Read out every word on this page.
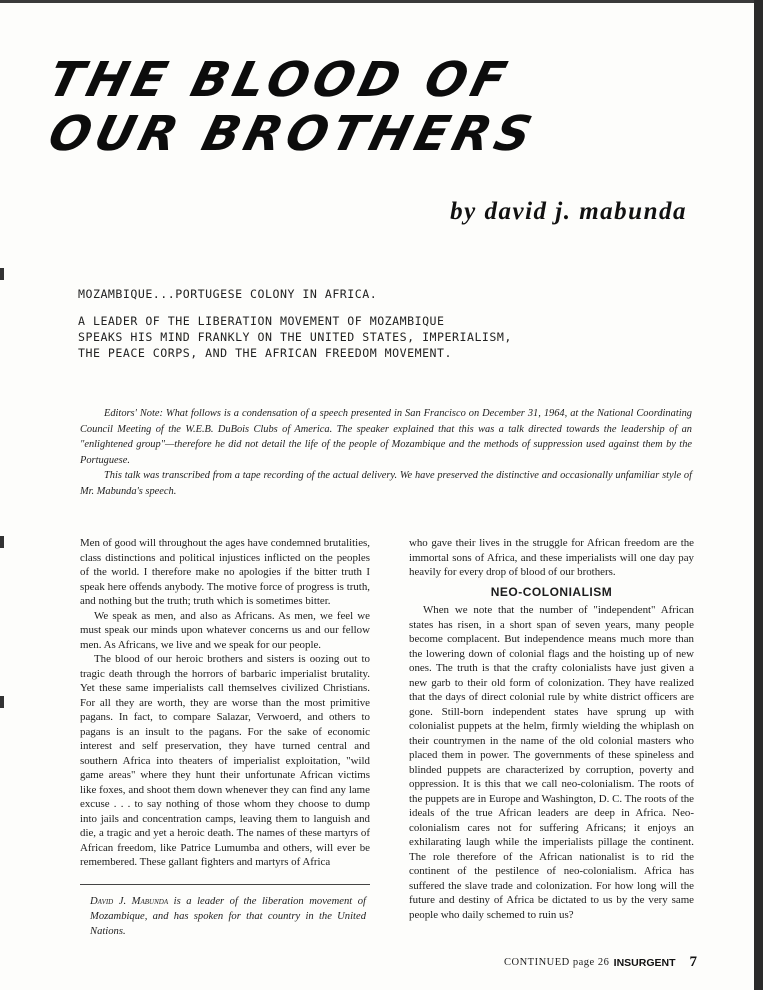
THE BLOOD OF
OUR BROTHERS
by david j. mabunda
MOZAMBIQUE...PORTUGESE COLONY IN AFRICA.
A LEADER OF THE LIBERATION MOVEMENT OF MOZAMBIQUE
SPEAKS HIS MIND FRANKLY ON THE UNITED STATES, IMPERIALISM,
THE PEACE CORPS, AND THE AFRICAN FREEDOM MOVEMENT.

Editors' Note: What follows is a condensation of a speech presented in San Francisco on December 31, 1964, at the National Coordinating Council Meeting of the W.E.B. DuBois Clubs of America. The speaker explained that this was a talk directed towards the leadership of an "enlightened group"—therefore he did not detail the life of the people of Mozambique and the methods of suppression used against them by the Portuguese.

This talk was transcribed from a tape recording of the actual delivery. We have preserved the distinctive and occasionally unfamiliar style of Mr. Mabunda's speech.

Men of good will throughout the ages have condemned brutalities, class distinctions and political injustices inflicted on the peoples of the world. I therefore make no apologies if the bitter truth I speak here offends anybody. The motive force of progress is truth, and nothing but the truth; truth which is sometimes bitter.

We speak as men, and also as Africans. As men, we feel we must speak our minds upon whatever concerns us and our fellow men. As Africans, we live and we speak for our people.

The blood of our heroic brothers and sisters is oozing out to tragic death through the horrors of barbaric imperialist brutality. Yet these same imperialists call themselves civilized Christians. For all they are worth, they are worse than the most primitive pagans. In fact, to compare Salazar, Verwoerd, and others to pagans is an insult to the pagans. For the sake of economic interest and self preservation, they have turned central and southern Africa into theaters of imperialist exploitation, "wild game areas" where they hunt their unfortunate African victims like foxes, and shoot them down whenever they can find any lame excuse . . . to say nothing of those whom they choose to dump into jails and concentration camps, leaving them to languish and die, a tragic and yet a heroic death. The names of these martyrs of African freedom, like Patrice Lumumba and others, will ever be remembered. These gallant fighters and martyrs of Africa

David J. Mabunda is a leader of the liberation movement of Mozambique, and has spoken for that country in the United Nations.

who gave their lives in the struggle for African freedom are the immortal sons of Africa, and these imperialists will one day pay heavily for every drop of blood of our brothers.

NEO-COLONIALISM

When we note that the number of "independent" African states has risen, in a short span of seven years, many people become complacent. But independence means much more than the lowering down of colonial flags and the hoisting up of new ones. The truth is that the crafty colonialists have just given a new garb to their old form of colonization. They have realized that the days of direct colonial rule by white district officers are gone. Still-born independent states have sprung up with colonialist puppets at the helm, firmly wielding the whiplash on their countrymen in the name of the old colonial masters who placed them in power. The governments of these spineless and blinded puppets are characterized by corruption, poverty and oppression. It is this that we call neo-colonialism. The roots of the puppets are in Europe and Washington, D. C. The roots of the ideals of the true African leaders are deep in Africa. Neo-colonialism cares not for suffering Africans; it enjoys an exhilarating laugh while the imperialists pillage the continent. The role therefore of the African nationalist is to rid the continent of the pestilence of neo-colonialism. Africa has suffered the slave trade and colonization. For how long will the future and destiny of Africa be dictated to us by the very same people who daily schemed to ruin us?

CONTINUED page 26 INSURGENT 7
